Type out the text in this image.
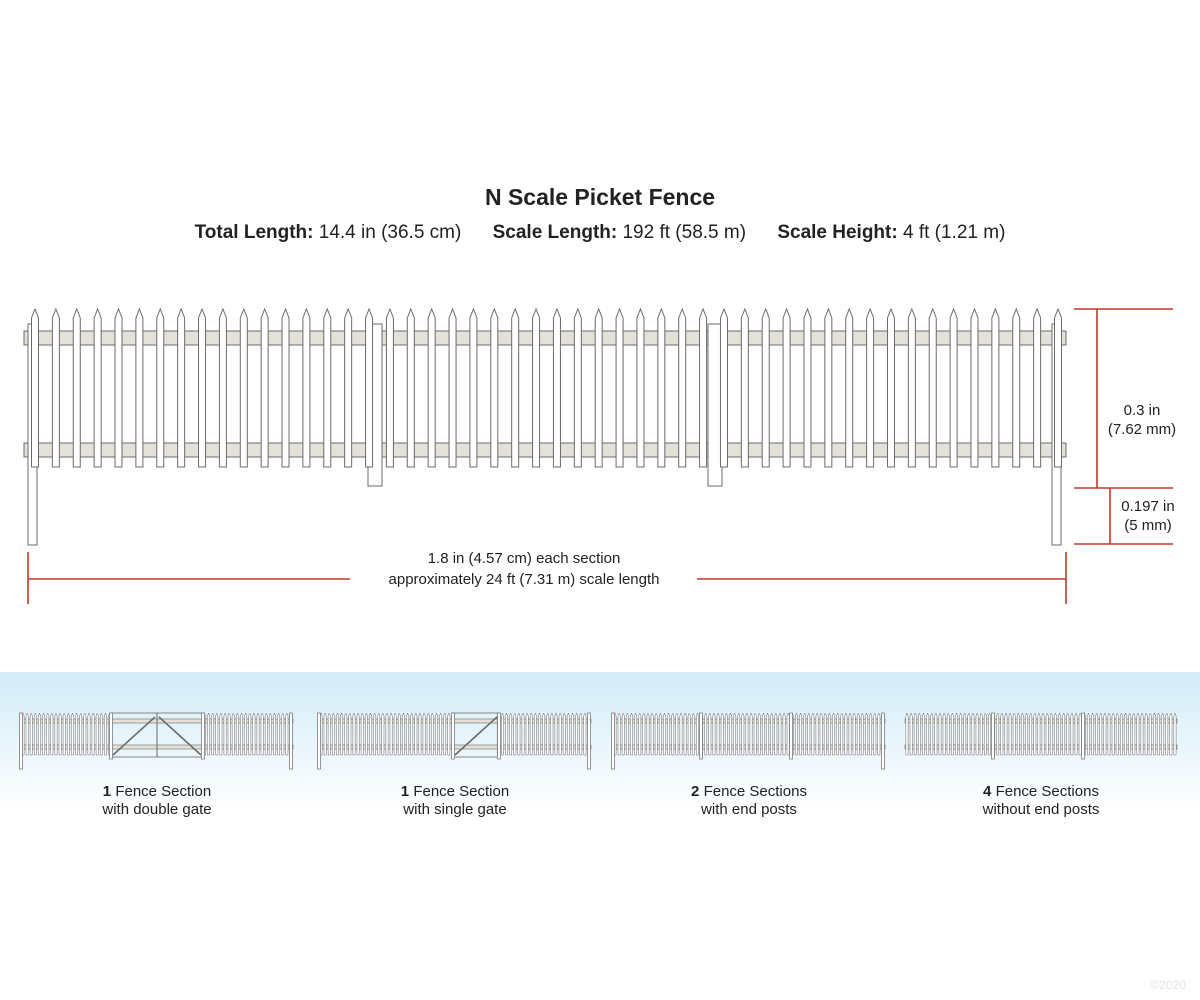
N Scale Picket Fence
Total Length: 14.4 in (36.5 cm) Scale Length: 192 ft (58.5 m) Scale Height: 4 ft (1.21 m)
1.8 in (4.57 cm) each section
approximately 24 ft (7.31 m) scale length
0.3 in
(7.62 mm)
0.197 in
(5 mm)
1 Fence Section
with double gate
1 Fence Section
with single gate
2 Fence Sections
with end posts
4 Fence Sections
without end posts
©2020
